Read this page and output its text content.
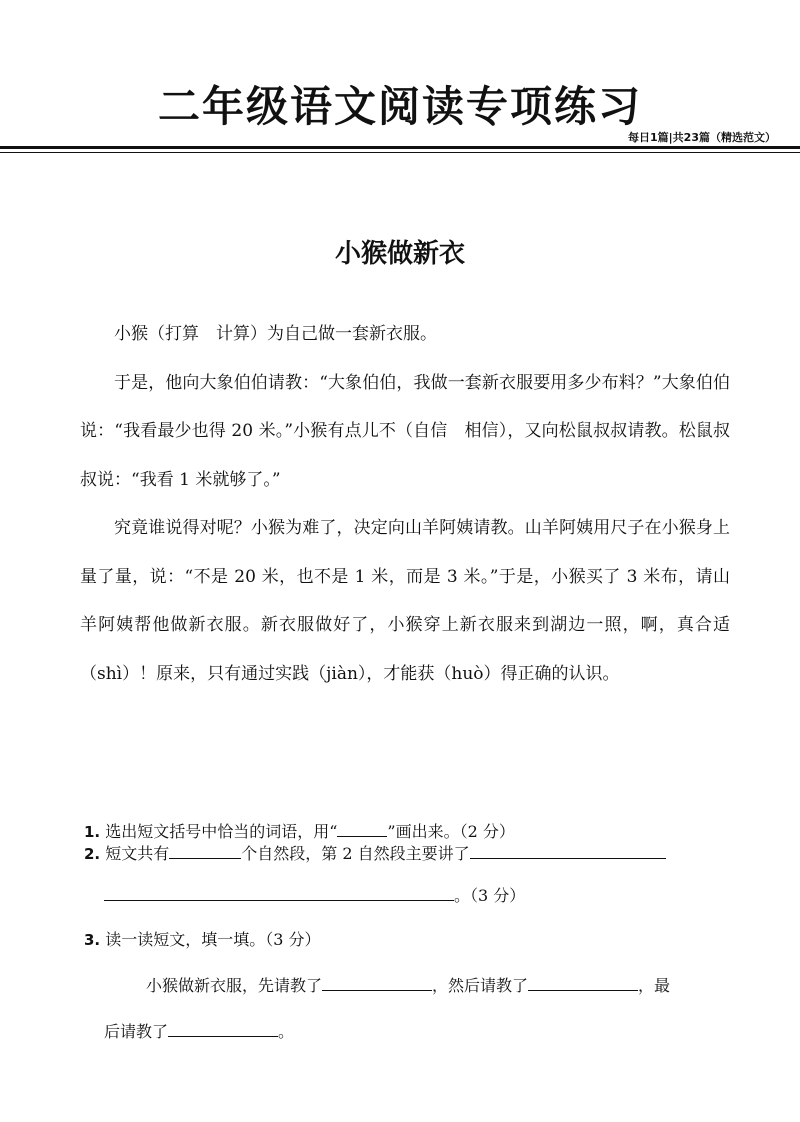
二年级语文阅读专项练习
每日1篇|共23篇（精选范文）
小猴做新衣

小猴（打算　计算）为自己做一套新衣服。

于是，他向大象伯伯请教：“大象伯伯，我做一套新衣服要用多少布料？”大象伯伯说：“我看最少也得 20 米。”小猴有点儿不（自信　相信），又向松鼠叔叔请教。松鼠叔叔说：“我看 1 米就够了。”

究竟谁说得对呢？小猴为难了，决定向山羊阿姨请教。山羊阿姨用尺子在小猴身上量了量，说：“不是 20 米，也不是 1 米，而是 3 米。”于是，小猴买了 3 米布，请山羊阿姨帮他做新衣服。新衣服做好了，小猴穿上新衣服来到湖边一照，啊，真合适（shì）！原来，只有通过实践（jiàn），才能获（huò）得正确的认识。

1. 选出短文括号中恰当的词语，用“	”画出来。（2 分）
2. 短文共有	个自然段，第 2 自然段主要讲了
。（3 分）
3. 读一读短文，填一填。（3 分）
小猴做新衣服，先请教了	，然后请教了	，最
后请教了	。
